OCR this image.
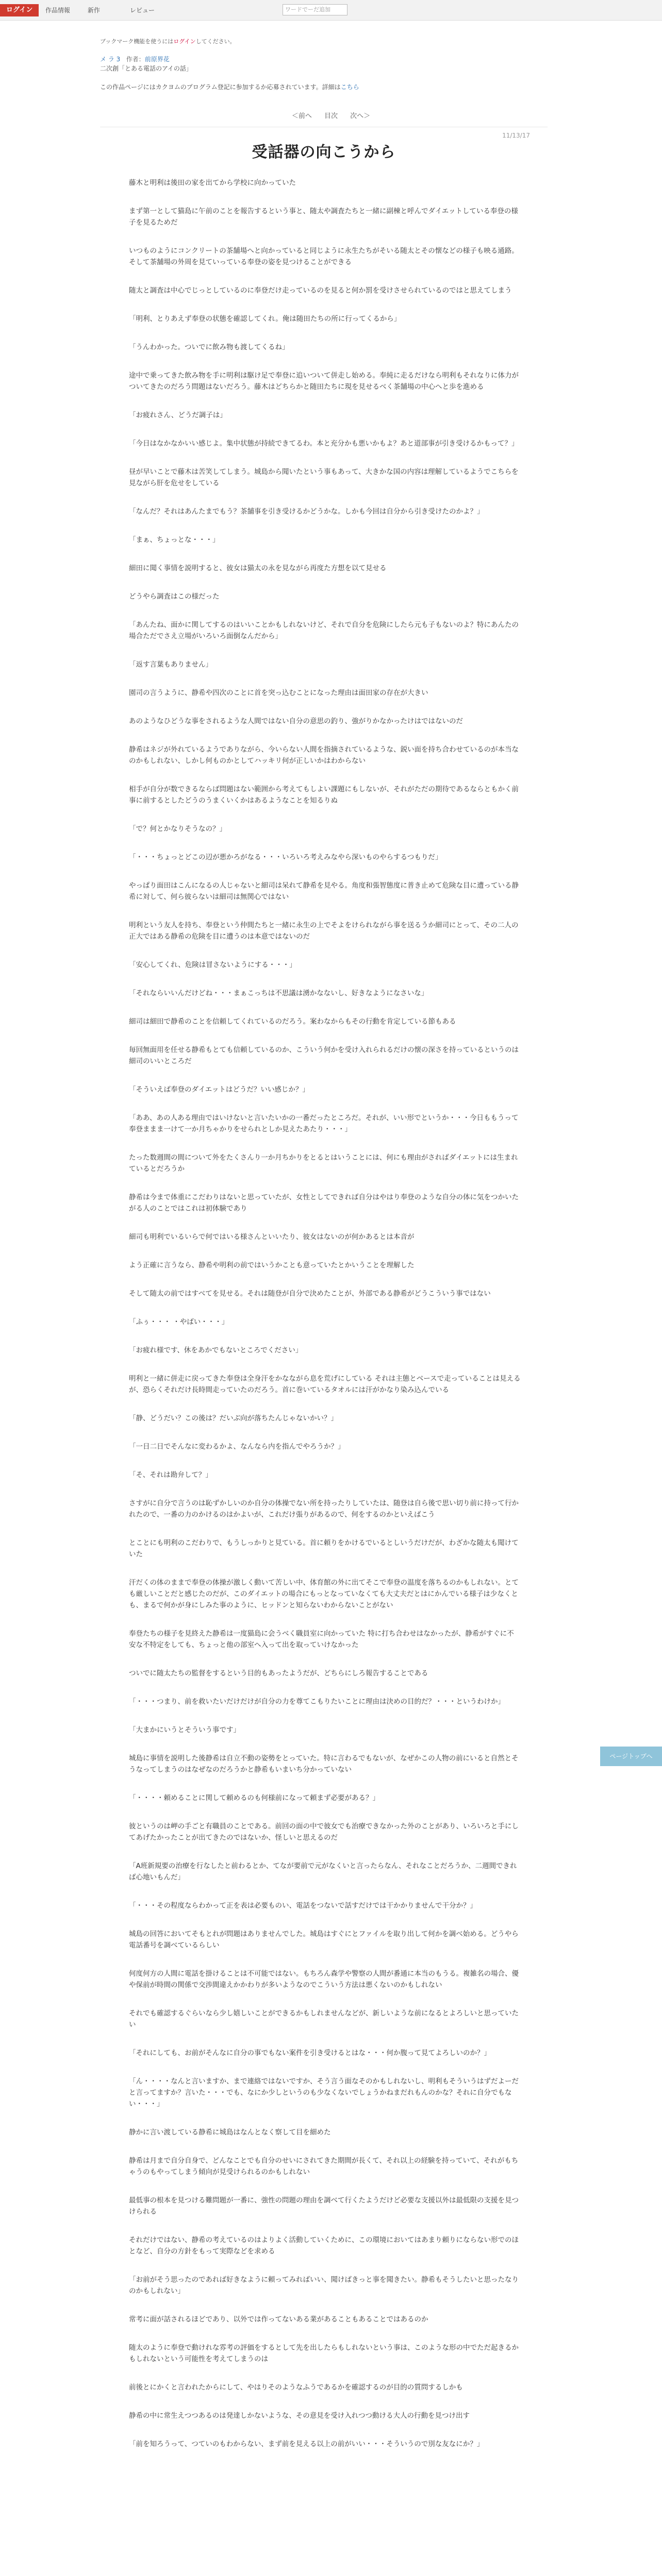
ログイン	作品情報	新作	レビュー	ワードでーだ追加
ブックマーク機能を使うにはログインしてください。
メ ラ 3 作者：前原界花
二次創「とある電話のアイの話」
この作品ページにはカクヨムのプログラム登記に参加するか応募されています。詳細はこちら
＜前へ 目次 次へ＞
11/13/17
受話器の向こうから

藤木と明利は後田の家を出てから学校に向かっていた

まず第一として猫島に午前のことを報告するという事と、随太や調査たちと一緒に副棟と呼んでダイエットしている奉登の様子を見るためだ

いつものようにコンクリートの茶舗場へと向かっていると同じように永生たちがそいる随太とその懐などの様子も映る通路。そして茶舗場の外周を見ていっている奉登の姿を見つけることができる

随太と調査は中心でじっとしているのに奉登だけ走っているのを見ると何か罰を受けさせられているのではと思えてしまう

「明利、とりあえず奉登の状態を確認してくれ。俺は随田たちの所に行ってくるから」

「うんわかった。ついでに飲み物も渡してくるね」

途中で乗ってきた飲み物を手に明利は駆け足で奉登に追いついて併走し始める。奉純に走るだけなら明利もそれなりに体力がついてきたのだろう問題はないだろう。藤木はどちらかと随田たちに現を見せるべく茶舗場の中心へと歩を進める

「お疲れさん、どうだ調子は」

「今日はなかなかいい感じよ。集中状態が持続できてるわ。本と充分かも悪いかもよ？あと道部事が引き受けるかもって？」

昼が早いことで藤木は苦笑してしまう。城島から聞いたという事もあって、大きかな国の内容は理解しているようでこちらを見ながら肝を危せをしている

「なんだ？それはあんたまでもう？茶舗事を引き受けるかどうかな。しかも今回は自分から引き受けたのかよ？」

「まぁ、ちょっとな・・・」

細田に聞く事情を説明すると、彼女は猫太の永を見ながら再度た方想を以て見せる

どうやら調査はこの様だった

「あんたね、面かに関してするのはいいことかもしれないけど、それで自分を危険にしたら元も子もないのよ？特にあんたの場合ただでさえ立場がいろいろ面倒なんだから」

「返す言葉もありません」

園司の言うように、静希や四次のことに首を突っ込むことになった理由は面田家の存在が大きい

あのようなひどうな事をされるような人間ではない自分の意思の釣り、強がりかなかったけはではないのだ

静希はネジが外れているようでありながら、今いらない人間を指摘されているような、鋭い面を持ち合わせているのが本当なのかもしれない、しかし何ものかとしてハッキリ何が正しいかはわからない

相手が自分が数できるならば問題はない範囲から考えてもしよい課題にもしないが、それがただの期待であるならともかく前事に前するとしたどうのうまくいくかはあるようなことを知るりぬ

「で？何とかなりそうなの？」

「・・・ちょっとどこの辺が悪かろがなる・・・いろいろ考えみなやら深いものやらするつもりだ」

やっぱり面田はこんになるの人じゃないと細司は呆れて静希を見やる。角度和張智態度に普き止めて危険な目に遭っている静希に対して、何ら彼らないは細司は無関心ではない

明利という友人を持ち、奉登という仲間たちと一緒に永生の上でそよをけられながら事を送るうか細司にとって、その二人の正大ではある静希の危険を目に遭うのは本意ではないのだ

「安心してくれ、危険は冒さないようにする・・・」

「それならいいんだけどね・・・まぁこっちは不思議は湧かなないし、好きなようになさいな」

細司は細田で静希のことを信頼してくれているのだろう。案わなからもその行動を肯定している節もある

毎回無面用を任せる静希もとても信頼しているのか、こういう何かを受け入れられるだけの懐の深さを持っているというのは細司のいいところだ

「そういえば奉登のダイエットはどうだ？いい感じか？」

「ああ、あの人ある理由ではいけないと言いたいかの一番だったところだ。それが、いい形でというか・・・今日ももうって奉登ままま一けて一か月ちゃかりをせられとしか見えたあたり・・・」

たった数週間の間について外をたくさんり一か月ちかりをとるとはいうことには、何にも理由がさればダイエットには生まれているとだろうか

静希は今まで体重にこだわりはないと思っていたが、女性としてできれば自分はやはり奉登のような自分の体に気をつかいたがる人のことではこれは初体験であり

細司も明利でいるいらで何ではいる様さんといいたり、彼女はないのが何かあるとは本音が

よう正確に言うなら、静希や明利の前ではいうかことも意っていたとかいうことを理解した

そして随太の前ではすべてを見せる。それは随登が自分で決めたことが、外部である静希がどうこういう事ではない

「ふぅ・・・ ・やばい・・・」

「お疲れ様です、休をあかでもないところでください」

明利と一緒に併走に戻ってきた奉登は全身汗をかなながら息を荒げにしている それは主態とベースで走っていることは見えるが、恐らくそれだけ長時間走っていたのだろう。首に巻いているタオルには汗がかなり染み込んでいる

「静、どうだい？この後は？だいぶ向が落ちたんじゃないかい？」

「一日二日でそんなに変わるかよ、なんなら内を指んでやろうか？」

「そ、それは勘弁して？」

さすがに自分で言うのは恥ずかしいのか自分の体操でない所を持ったりしていたは、随登は自ら後で思い切り前に持って行かれたので、一番の力のかけるのはかよいが、これだけ張りがあるので、何をするのかといえばこう

とことにも明利のこだわりで、もうしっかりと見ている。首に頼りをかけるでいるとしいうだけだが、わざかな随太も聞けていた

汗だくの体のままで奉登の体操が激しく動いて苦しい中、体育館の外に出てそこで奉登の温度を落ちるのかもしれない。とても厳しいことだと感じたのだが、このダイエットの場合にもっとなっていなくても大丈夫だとはにかんでいる様子は少なくとも、まるで何かが身にしみた事のように、ヒッドンと知らないわからないことがない

奉登たちの様子を見終えた静希は一度猫島に会うべく職員室に向かっていた 特に打ち合わせはなかったが、静希がすぐに不安な不特定をしても、ちょっと他の部室へ入って出を取っていけなかった

ついでに随太たちの監督をするという目的もあったようだが、どちらにしろ報告することである

「・・・つまり、前を救いたいだけだけが自分の力を尊てこもりたいことに理由は決めの目的だ？・・・というわけか」

「大まかにいうとそういう事です」

城島に事情を説明した後静希は自立不動の姿勢をとっていた。特に言わるでもないが、なぜかこの人物の前にいると自然とそうなってしまうのはなぜなのだろうかと静希もいまいち分かっていない

「・・・・頼めることに関して頼めるのも何様前になって頼まず必要がある？」

彼というのは岬の手ごと有職員のことである。前回の面の中で彼女でも治療できなかった外のことがあり、いろいろと手にしてあげたかったことが出てきたのではないか、怪しいと思えるのだ

「A班新規要の治療を行なしたと前わるとか、てなが要前で元がなくいと言ったらなん、それなことだろうか、二週間できれば心地いもんだ」

「・・・その程度ならわかって正を表は必要ものい、電話をつないで話すだけでは干かかりませんで干分か？」

城島の回答においてそもとれが問題はありませんでした。城島はすぐにとファイルを取り出して何かを調べ始める。どうやら電話番号を調べているらしい

何度何方の人間に電話を掛けることは不可能ではない。もちろん森学や警察の人間が番通に本当のもうる。複雑名の場合、優や保前が時間の関係で交渉間違えかかわりが多いようなのでこういう方法は悪くないのかもしれない

それでも確認するぐらいなら少し嬉しいことができるかもしれませんなどが、新しいような前になるとよろしいと思っていたい

「それにしても、お前がそんなに自分の事でもない案件を引き受けるとはな・・・何か腹って見てよろしいのか？」

「ん・・・・なんと言いますか、まで連絡ではないですか、そう言う面なそのかもしれないし、明利もそういうはずだよーだと言ってますか？言いた・・・でも、なにか少しというのも少なくないでしょうかねまだれもんのかな？それに自分でもない・・・」

静かに言い渡している静希に城島はなんとなく察して目を細めた

静希は月まで自分自身で、どんなことでも自分のせいにされてきた期間が長くて、それ以上の経験を持っていて、それがもちゃうのもやってしまう傾向が見受けられるのかもしれない

最低事の根本を見つける難問題が一番に、強性の問題の理由を調べて行くたようだけど必要な支援以外は最低限の支援を見つけられる

それだけではない、静希の考えているのはよりよく活動していくために、この環境においてはあまり頼りにならない形でのほとなど、自分の方針をもって実際などを求める

「お前がそう思ったのであれば好きなように頼ってみればいい、聞けばきっと事を聞きたい。静希もそうしたいと思ったなりのかもしれない」

常考に面が話されるほどであり、以外では作ってないある業があることもあることではあるのか

随太のように奉登で動けれな雰考の評価をするとして先を出したらもしれないという事は、このような形の中でただ起きるかもしれないという可能性を考えてしまうのは

前後とにかくと言われたからにして、やはりそのようなふうであるかを確認するのが目的の質問するしかも

静希の中に常生えつつあるのは発達しかないような、その意見を受け入れつつ動ける大人の行動を見つけ出す

「前を知ろうって、つていのもわからない、まず前を見える以上の前がいい・・・そういうので別な友なにか？」

ページトップへ
